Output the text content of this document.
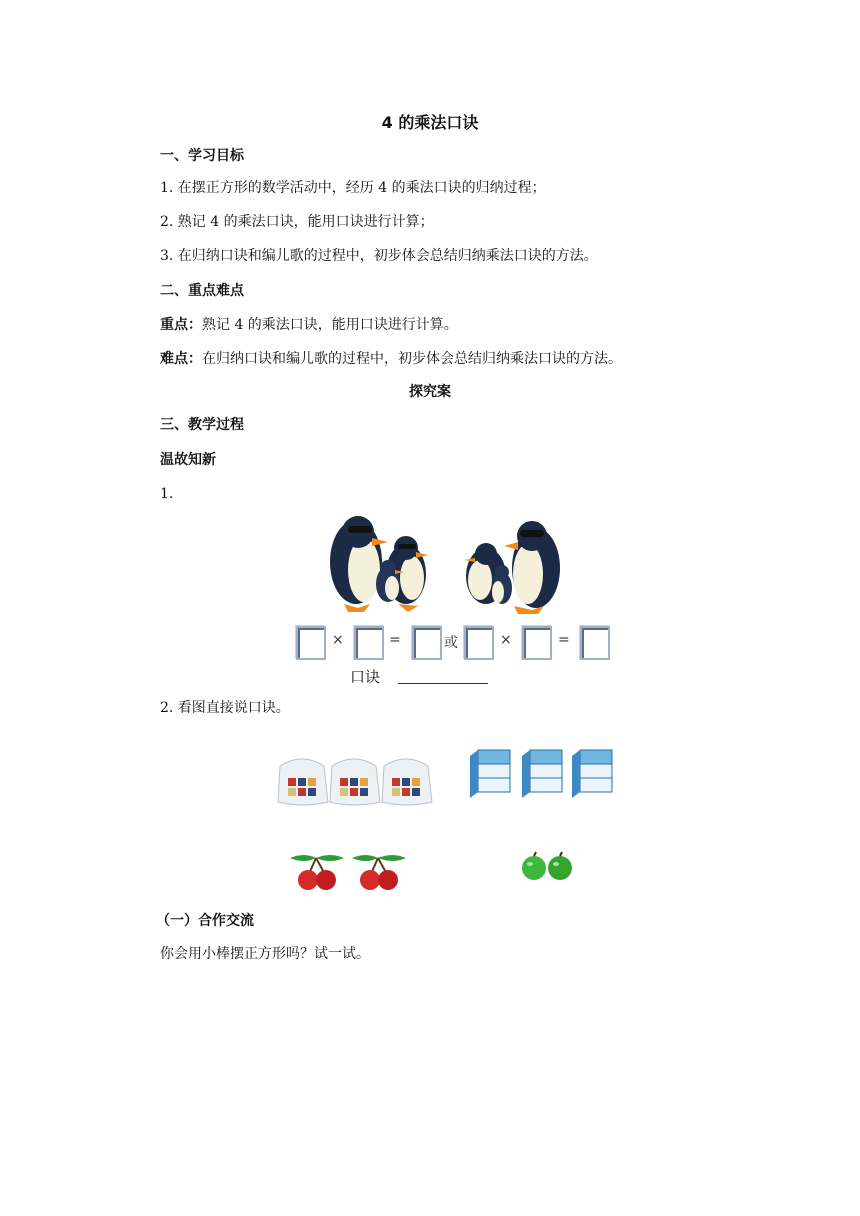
4 的乘法口诀
一、学习目标
1. 在摆正方形的数学活动中，经历 4 的乘法口诀的归纳过程；
2. 熟记 4 的乘法口诀，能用口诀进行计算；
3. 在归纳口诀和编儿歌的过程中，初步体会总结归纳乘法口诀的方法。
二、重点难点
重点：熟记 4 的乘法口诀，能用口诀进行计算。
难点：在归纳口诀和编儿歌的过程中，初步体会总结归纳乘法口诀的方法。
探究案
三、教学过程
温故知新
1.
×	=	或	×	=
口诀
2. 看图直接说口诀。
（一）合作交流
你会用小棒摆正方形吗？试一试。
